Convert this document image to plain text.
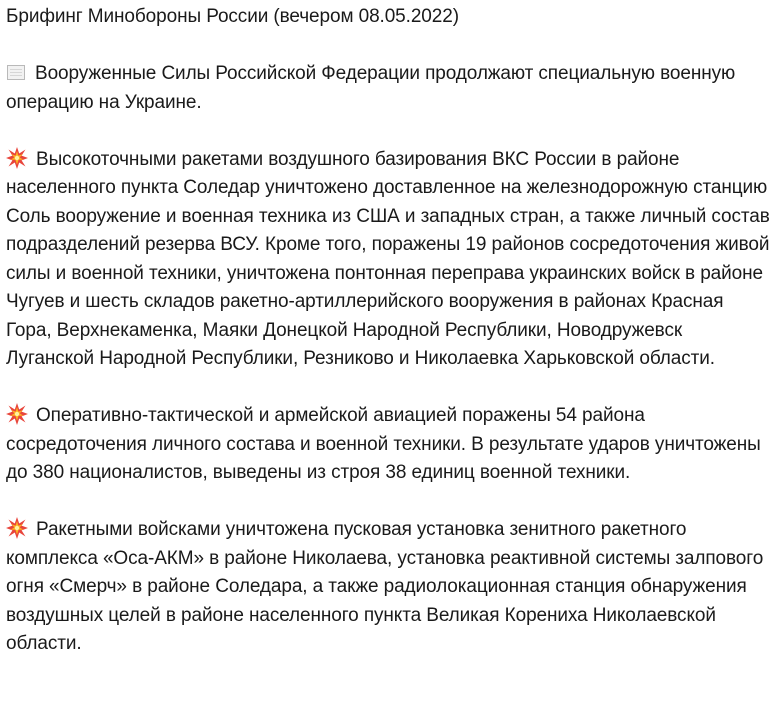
Брифинг Минобороны России (вечером 08.05.2022)
Вооруженные Силы Российской Федерации продолжают специальную военную операцию на Украине.
Высокоточными ракетами воздушного базирования ВКС России в районе населенного пункта Соледар уничтожено доставленное на железнодорожную станцию Соль вооружение и военная техника из США и западных стран, а также личный состав подразделений резерва ВСУ. Кроме того, поражены 19 районов сосредоточения живой силы и военной техники, уничтожена понтонная переправа украинских войск в районе Чугуев и шесть складов ракетно-артиллерийского вооружения в районах Красная Гора, Верхнекаменка, Маяки Донецкой Народной Республики, Новодружевск Луганской Народной Республики, Резниково и Николаевка Харьковской области.
Оперативно-тактической и армейской авиацией поражены 54 района сосредоточения личного состава и военной техники. В результате ударов уничтожены до 380 националистов, выведены из строя 38 единиц военной техники.
Ракетными войсками уничтожена пусковая установка зенитного ракетного комплекса «Оса-АКМ» в районе Николаева, установка реактивной системы залпового огня «Смерч» в районе Соледара, а также радиолокационная станция обнаружения воздушных целей в районе населенного пункта Великая Корениха Николаевской области.
